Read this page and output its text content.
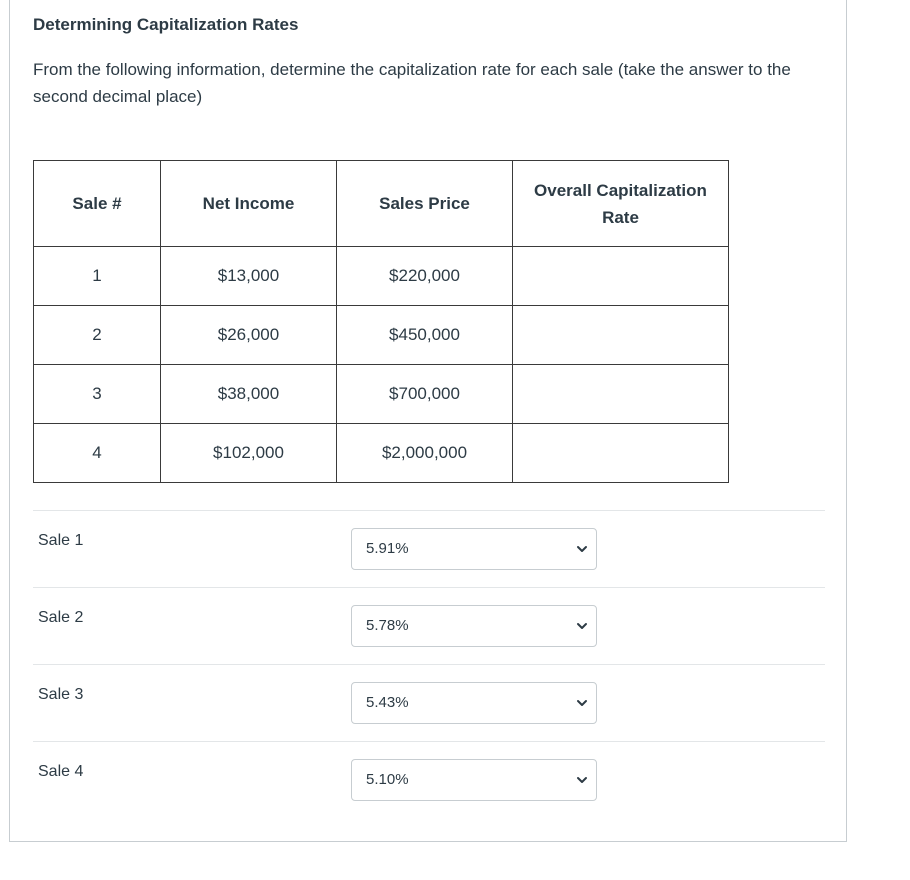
Determining Capitalization Rates

From the following information, determine the capitalization rate for each sale (take the answer to the second decimal place)

Sale #	Net Income	Sales Price	Overall Capitalization Rate
1	$13,000	$220,000	
2	$26,000	$450,000	
3	$38,000	$700,000	
4	$102,000	$2,000,000	
Sale 1	5.91%
Sale 2	5.78%
Sale 3	5.43%
Sale 4	5.10%
